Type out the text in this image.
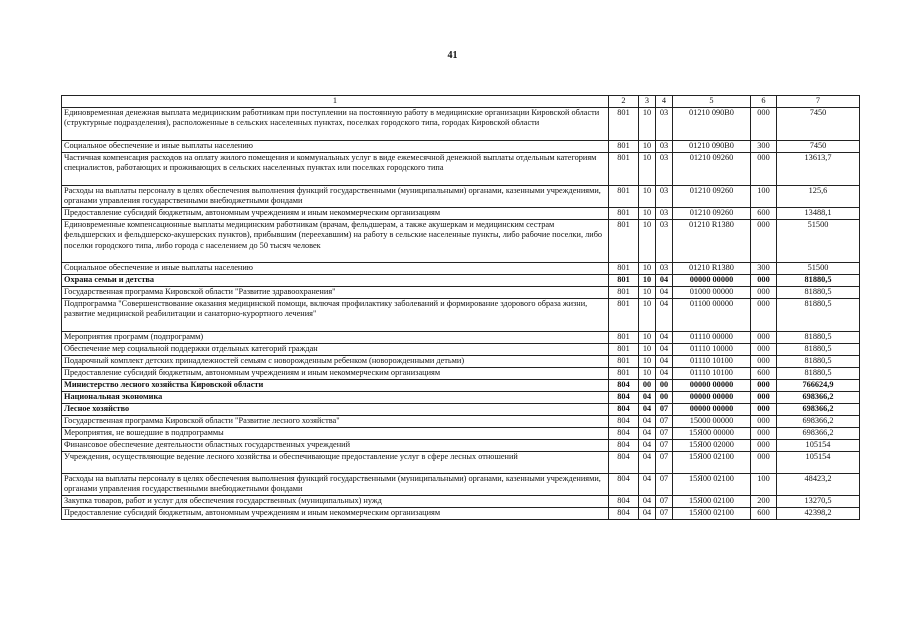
41
1	2	3	4	5	6	7
Единовременная денежная выплата медицинским работникам при поступлении на постоянную работу в медицинские организации Кировской области (структурные подразделения), расположенные в сельских населенных пунктах, поселках городского типа, городах Кировской области	801	10	03	01210 090В0	000	7450
Социальное обеспечение и иные выплаты населению	801	10	03	01210 090В0	300	7450
Частичная компенсация расходов на оплату жилого помещения и коммунальных услуг в виде ежемесячной денежной выплаты отдельным категориям специалистов, работающих и проживающих в сельских населенных пунктах или поселках городского типа	801	10	03	01210 09260	000	13613,7
Расходы на выплаты персоналу в целях обеспечения выполнения функций государственными (муниципальными) органами, казенными учреждениями, органами управления государственными внебюджетными фондами	801	10	03	01210 09260	100	125,6
Предоставление субсидий бюджетным, автономным учреждениям и иным некоммерческим организациям	801	10	03	01210 09260	600	13488,1
Единовременные компенсационные выплаты медицинским работникам (врачам, фельдшерам, а также акушеркам и медицинским сестрам фельдшерских и фельдшерско-акушерских пунктов), прибывшим (переехавшим) на работу в сельские населенные пункты, либо рабочие поселки, либо поселки городского типа, либо города с населением до 50 тысяч человек	801	10	03	01210 R1380	000	51500
Социальное обеспечение и иные выплаты населению	801	10	03	01210 R1380	300	51500
Охрана семьи и детства	801	10	04	00000 00000	000	81880,5
Государственная программа Кировской области "Развитие здравоохранения"	801	10	04	01000 00000	000	81880,5
Подпрограмма "Совершенствование оказания медицинской помощи, включая профилактику заболеваний и формирование здорового образа жизни, развитие медицинской реабилитации и санаторно-курортного лечения"	801	10	04	01100 00000	000	81880,5
Мероприятия программ (подпрограмм)	801	10	04	01110 00000	000	81880,5
Обеспечение мер социальной поддержки отдельных категорий граждан	801	10	04	01110 10000	000	81880,5
Подарочный комплект детских принадлежностей семьям с новорожденным ребенком (новорожденными детьми)	801	10	04	01110 10100	000	81880,5
Предоставление субсидий бюджетным, автономным учреждениям и иным некоммерческим организациям	801	10	04	01110 10100	600	81880,5
Министерство лесного хозяйства Кировской области	804	00	00	00000 00000	000	766624,9
Национальная экономика	804	04	00	00000 00000	000	698366,2
Лесное хозяйство	804	04	07	00000 00000	000	698366,2
Государственная программа Кировской области "Развитие лесного хозяйства"	804	04	07	15000 00000	000	698366,2
Мероприятия, не вошедшие в подпрограммы	804	04	07	15Я00 00000	000	698366,2
Финансовое обеспечение деятельности областных государственных учреждений	804	04	07	15Я00 02000	000	105154
Учреждения, осуществляющие ведение лесного хозяйства и обеспечивающие предоставление услуг в сфере лесных отношений	804	04	07	15Я00 02100	000	105154
Расходы на выплаты персоналу в целях обеспечения выполнения функций государственными (муниципальными) органами, казенными учреждениями, органами управления государственными внебюджетными фондами	804	04	07	15Я00 02100	100	48423,2
Закупка товаров, работ и услуг для обеспечения государственных (муниципальных) нужд	804	04	07	15Я00 02100	200	13270,5
Предоставление субсидий бюджетным, автономным учреждениям и иным некоммерческим организациям	804	04	07	15Я00 02100	600	42398,2
